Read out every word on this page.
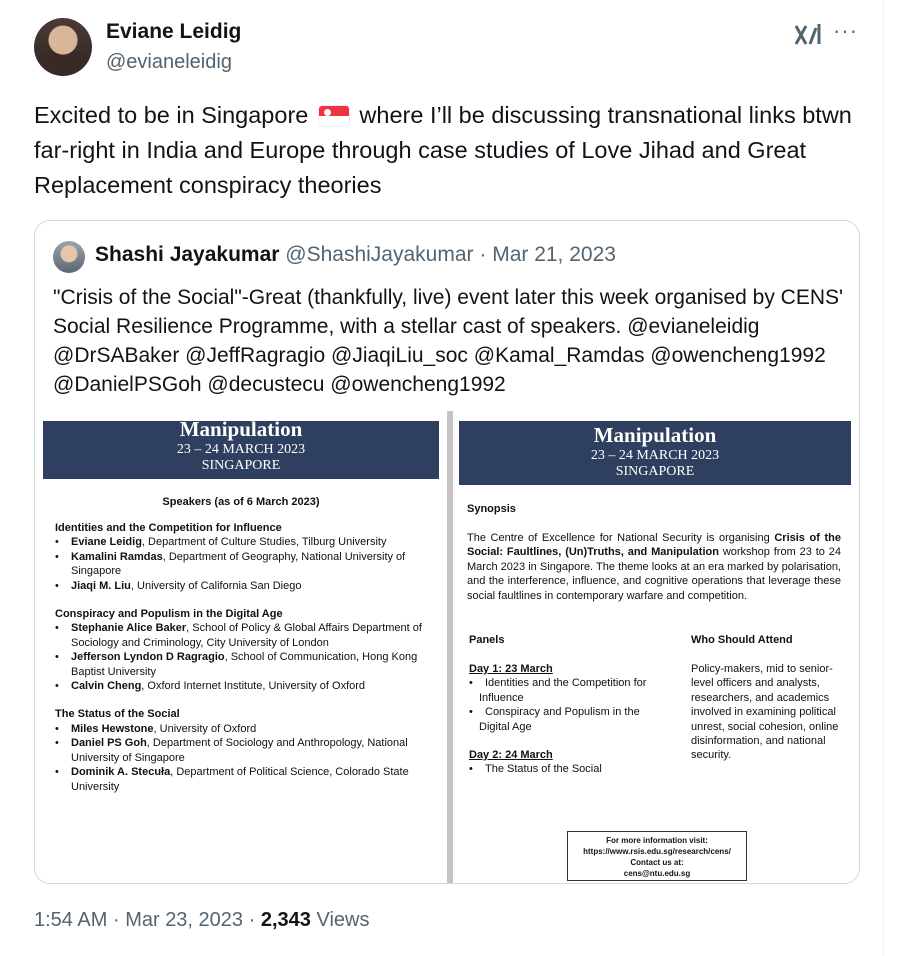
Eviane Leidig
@evianeleidig
···
Excited to be in Singapore where I’ll be discussing transnational links btwn far-right in India and Europe through case studies of Love Jihad and Great Replacement conspiracy theories
Shashi Jayakumar @ShashiJayakumar · Mar 21, 2023
"Crisis of the Social"-Great (thankfully, live) event later this week organised by CENS' Social Resilience Programme, with a stellar cast of speakers. @evianeleidig @DrSABaker @JeffRagragio @JiaqiLiu_soc @Kamal_Ramdas @owencheng1992 @DanielPSGoh @decustecu @owencheng1992
Manipulation
23 – 24 MARCH 2023
SINGAPORE
Speakers (as of 6 March 2023)
Identities and the Competition for Influence
• Eviane Leidig, Department of Culture Studies, Tilburg University
• Kamalini Ramdas, Department of Geography, National University of Singapore
• Jiaqi M. Liu, University of California San Diego
Conspiracy and Populism in the Digital Age
• Stephanie Alice Baker, School of Policy & Global Affairs Department of Sociology and Criminology, City University of London
• Jefferson Lyndon D Ragragio, School of Communication, Hong Kong Baptist University
• Calvin Cheng, Oxford Internet Institute, University of Oxford
The Status of the Social
• Miles Hewstone, University of Oxford
• Daniel PS Goh, Department of Sociology and Anthropology, National University of Singapore
• Dominik A. Stecuła, Department of Political Science, Colorado State University
Manipulation
23 – 24 MARCH 2023
SINGAPORE
Synopsis
The Centre of Excellence for National Security is organising Crisis of the Social: Faultlines, (Un)Truths, and Manipulation workshop from 23 to 24 March 2023 in Singapore. The theme looks at an era marked by polarisation, and the interference, influence, and cognitive operations that leverage these social faultlines in contemporary warfare and competition.
Panels	Who Should Attend
Day 1: 23 March
• Identities and the Competition for Influence
• Conspiracy and Populism in the Digital Age
Day 2: 24 March
• The Status of the Social
Policy-makers, mid to senior-level officers and analysts, researchers, and academics involved in examining political unrest, social cohesion, online disinformation, and national security.
For more information visit:
https://www.rsis.edu.sg/research/cens/
Contact us at:
cens@ntu.edu.sg
1:54 AM · Mar 23, 2023 · 2,343 Views
